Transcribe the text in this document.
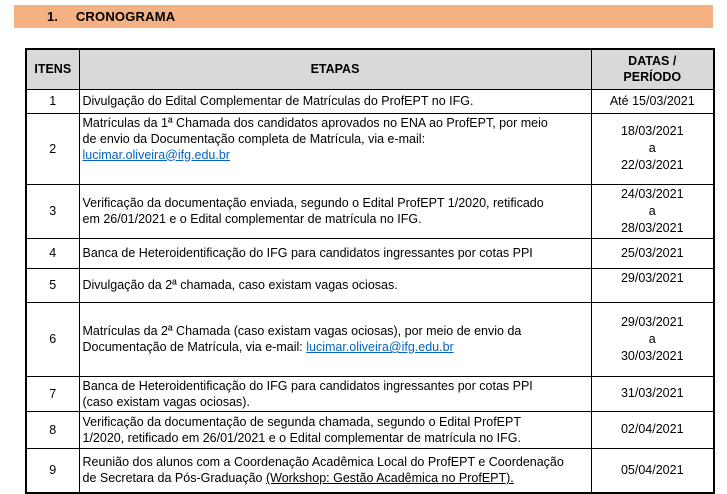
1. CRONOGRAMA
ITENS	ETAPAS	DATAS /
PERÍODO
1	Divulgação do Edital Complementar de Matrículas do ProfEPT no IFG.	Até 15/03/2021
2	Matrículas da 1ª Chamada dos candidatos aprovados no ENA ao ProfEPT, por meio
de envio da Documentação completa de Matrícula, via e-mail:
lucimar.oliveira@ifg.edu.br	18/03/2021
a
22/03/2021
3	Verificação da documentação enviada, segundo o Edital ProfEPT 1/2020, retificado
em 26/01/2021 e o Edital complementar de matrícula no IFG.	24/03/2021
a
28/03/2021
4	Banca de Heteroidentificação do IFG para candidatos ingressantes por cotas PPI	25/03/2021
5	Divulgação da 2ª chamada, caso existam vagas ociosas.	29/03/2021
6	Matrículas da 2ª Chamada (caso existam vagas ociosas), por meio de envio da
Documentação de Matrícula, via e-mail: lucimar.oliveira@ifg.edu.br	29/03/2021
a
30/03/2021
7	Banca de Heteroidentificação do IFG para candidatos ingressantes por cotas PPI
(caso existam vagas ociosas).	31/03/2021
8	Verificação da documentação de segunda chamada, segundo o Edital ProfEPT
1/2020, retificado em 26/01/2021 e o Edital complementar de matrícula no IFG.	02/04/2021
9	Reunião dos alunos com a Coordenação Acadêmica Local do ProfEPT e Coordenação
de Secretara da Pós-Graduação (Workshop: Gestão Acadêmica no ProfEPT).	05/04/2021
